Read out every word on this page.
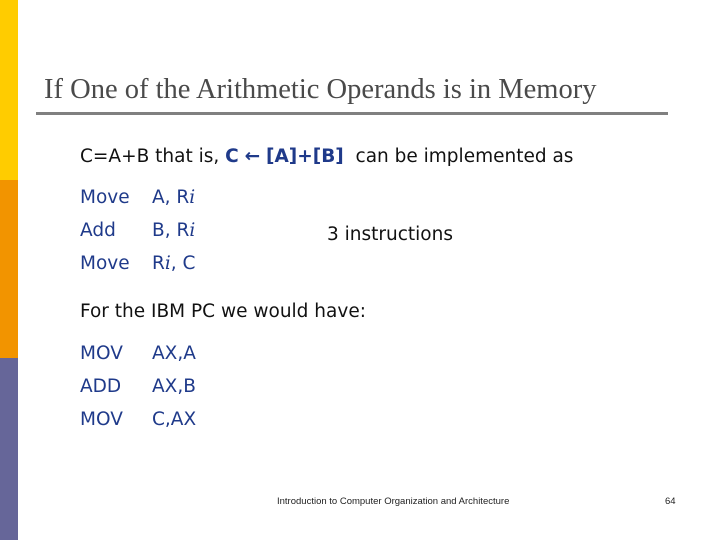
If One of the Arithmetic Operands is in Memory
C=A+B that is, C ← [A]+[B]  can be implemented as
Move A, Ri
Add B, Ri
Move Ri, C
3 instructions
For the IBM PC we would have:
MOV AX,A
ADD AX,B
MOV C,AX
Introduction to Computer Organization and Architecture	64
